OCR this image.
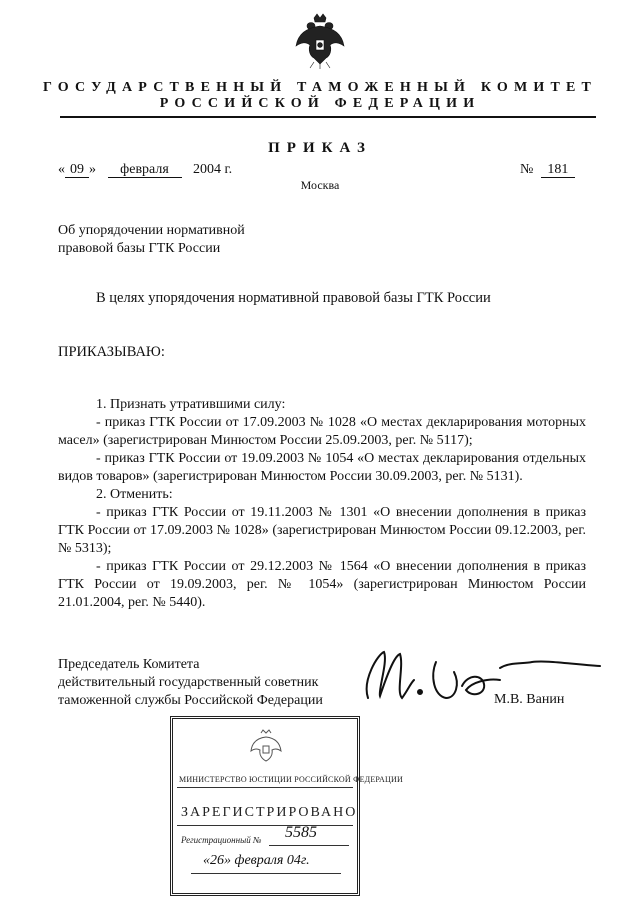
ГОСУДАРСТВЕННЫЙ ТАМОЖЕННЫЙ КОМИТЕТ
РОССИЙСКОЙ ФЕДЕРАЦИИ
ПРИКАЗ
« 09 » февраля 2004 г.	№ 181
Москва
Об упорядочении нормативной
правовой базы ГТК России
В целях упорядочения нормативной правовой базы ГТК России
ПРИКАЗЫВАЮ:

1. Признать утратившими силу:

- приказ ГТК России от 17.09.2003 № 1028 «О местах декларирования моторных масел» (зарегистрирован Минюстом России 25.09.2003, рег. № 5117);

- приказ ГТК России от 19.09.2003 № 1054 «О местах декларирования отдельных видов товаров» (зарегистрирован Минюстом России 30.09.2003, рег. № 5131).

2. Отменить:

- приказ ГТК России от 19.11.2003 № 1301 «О внесении дополнения в приказ ГТК России от 17.09.2003 № 1028» (зарегистрирован Минюстом России 09.12.2003, рег. № 5313);

- приказ ГТК России от 29.12.2003 № 1564 «О внесении дополнения в приказ ГТК России от 19.09.2003, рег. № 1054» (зарегистрирован Минюстом России 21.01.2004, рег. № 5440).

Председатель Комитета
действительный государственный советник
таможенной службы Российской Федерации	М.В. Ванин
МИНИСТЕРСТВО ЮСТИЦИИ РОССИЙСКОЙ ФЕДЕРАЦИИ
ЗАРЕГИСТРИРОВАНО
Регистрационный № 5585
«26» февраля 04г.
